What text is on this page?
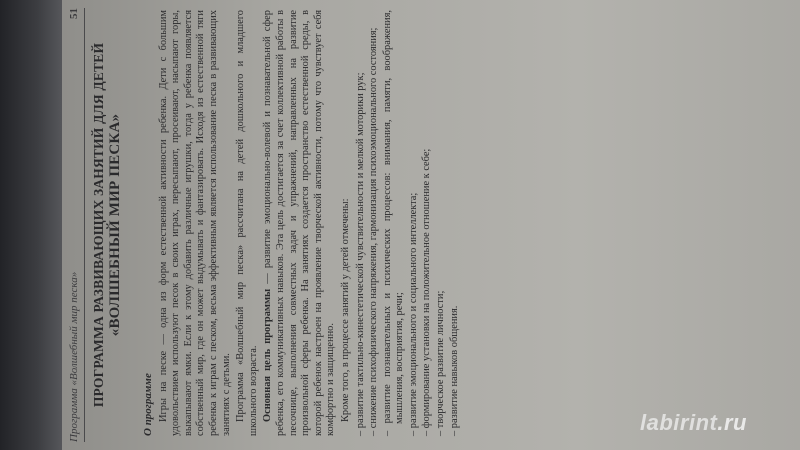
Программа «Волшебный мир песка»
51
ПРОГРАММА РАЗВИВАЮЩИХ ЗАНЯТИЙ ДЛЯ ДЕТЕЙ «ВОЛШЕБНЫЙ МИР ПЕСКА»
О программе Игры на песке — одна из форм естественной активности ребенка. Дети с большим удовольствием используют песок в своих играх, пересыпают, просеивают, насыпают горы, выкапывают ямки. Если к этому добавить различные игрушки, тогда у ребенка появляется собственный мир, где он может выдумывать и фантазировать. Исходя из естественной тяги ребенка к играм с песком, весьма эффективным является использование песка в развивающих занятиях с детьми. Программа «Волшебный мир песка» рассчитана на детей дошкольного и младшего школьного возраста. Основная цель программы — развитие эмоционально-волевой и познавательной сфер ребенка, его коммуникативных навыков. Эта цель достигается за счет коллективной работы в песочнице, выполнения совместных задач и упражнений, направленных на развитие произвольной сферы ребенка. На занятиях создается пространство естественной среды, в которой ребенок настроен на проявление творческой активности, потому что чувствует себя комфортно и защищенно. Кроме того, в процессе занятий у детей отмечены: – развитие тактильно-кинестетической чувствительности и мелкой моторики рук; – снижение психофизического напряжения, гармонизация психоэмоционального состояния; – развитие познавательных и психических процессов: внимания, памяти, воображения, мышления, восприятия, речи; – развитие эмоционального и социального интеллекта; – формирование установки на положительное отношение к себе; – творческое развитие личности; – развитие навыков общения.	labirint.ru
